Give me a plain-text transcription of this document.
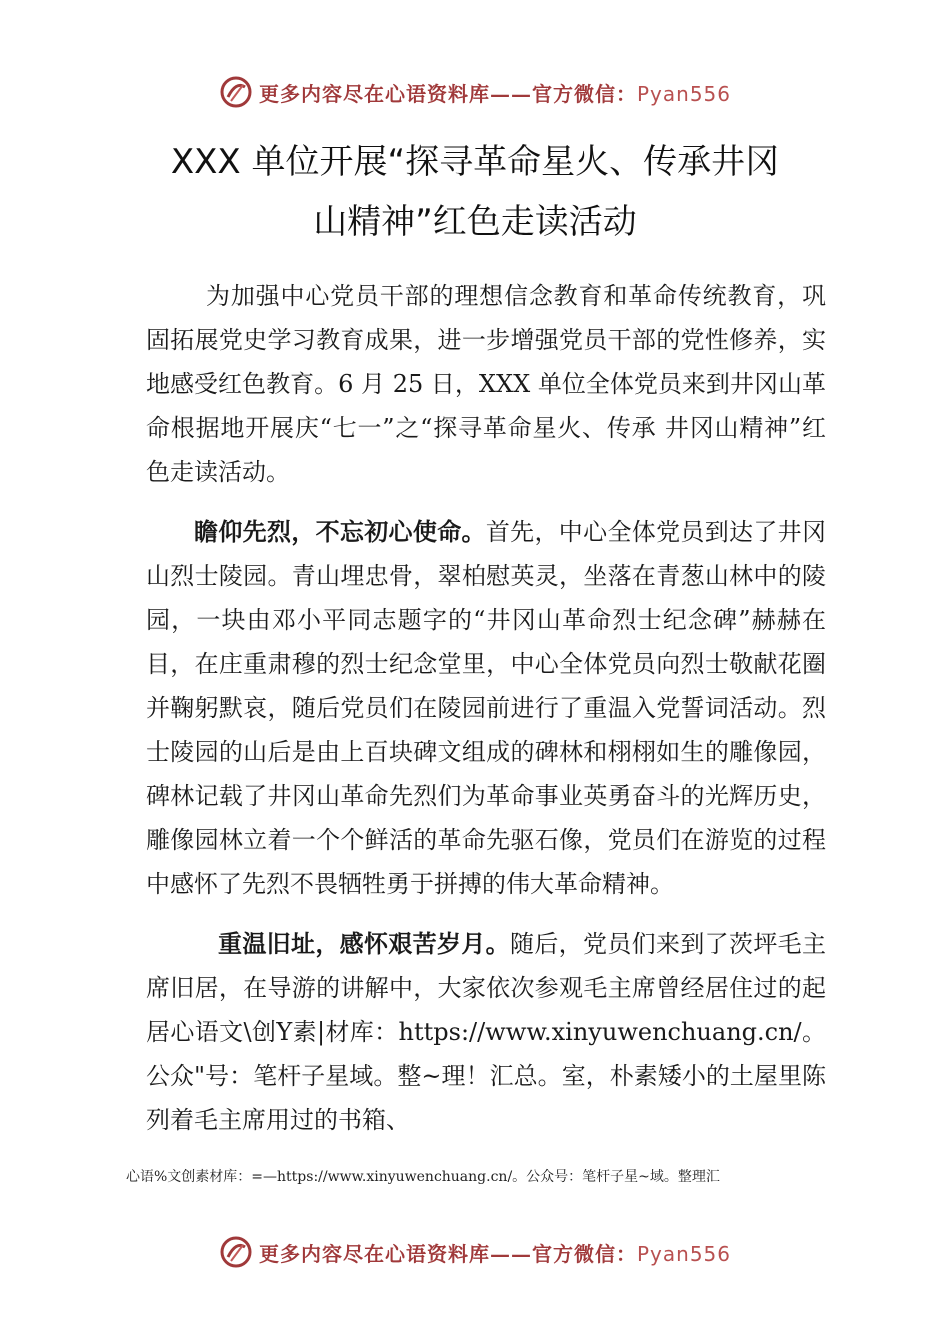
更多内容尽在心语资料库——官方微信：Pyan556
XXX 单位开展“探寻革命星火、传承井冈
山精神”红色走读活动

为加强中心党员干部的理想信念教育和革命传统教育，巩固拓展党史学习教育成果，进一步增强党员干部的党性修养，实地感受红色教育。6 月 25 日，XXX 单位全体党员来到井冈山革命根据地开展庆“七一”之“探寻革命星火、传承 井冈山精神”红色走读活动。

瞻仰先烈，不忘初心使命。首先，中心全体党员到达了井冈山烈士陵园。青山埋忠骨，翠柏慰英灵，坐落在青葱山林中的陵园，一块由邓小平同志题字的“井冈山革命烈士纪念碑”赫赫在目，在庄重肃穆的烈士纪念堂里，中心全体党员向烈士敬献花圈并鞠躬默哀，随后党员们在陵园前进行了重温入党誓词活动。烈士陵园的山后是由上百块碑文组成的碑林和栩栩如生的雕像园，碑林记载了井冈山革命先烈们为革命事业英勇奋斗的光辉历史，雕像园林立着一个个鲜活的革命先驱石像，党员们在游览的过程中感怀了先烈不畏牺牲勇于拼搏的伟大革命精神。

重温旧址，感怀艰苦岁月。随后，党员们来到了茨坪毛主席旧居，在导游的讲解中，大家依次参观毛主席曾经居住过的起居心语文\创Y素|材库：https://www.xinyuwenchuang.cn/。公众"号：笔杆子星域。整~理！汇总。室，朴素矮小的土屋里陈列着毛主席用过的书箱、

心语%文创素材库：=—https://www.xinyuwenchuang.cn/。公众号：笔杆子星~域。整理汇
更多内容尽在心语资料库——官方微信：Pyan556
